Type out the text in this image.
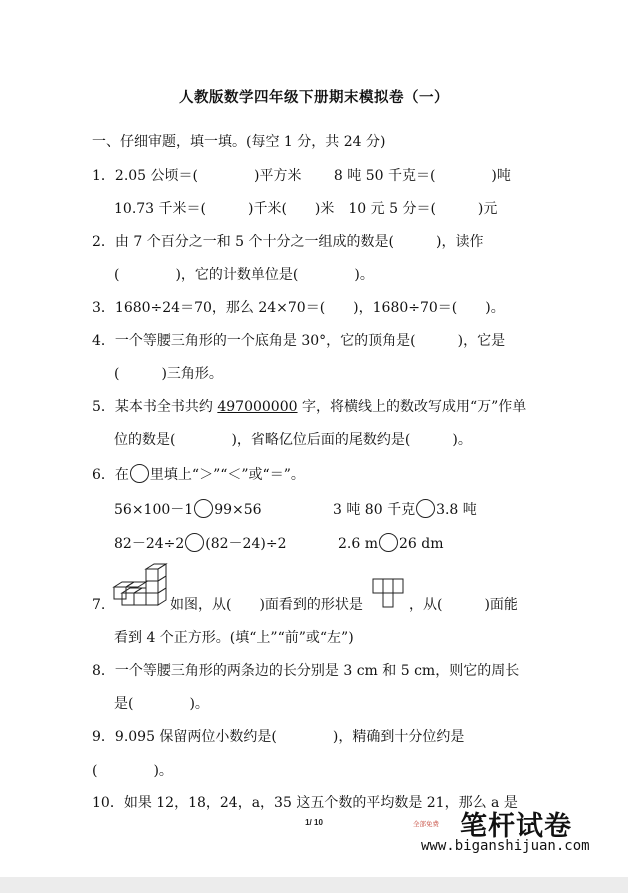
人教版数学四年级下册期末模拟卷（一）
一、仔细审题，填一填。(每空 1 分，共 24 分)
1．2.05 公顷＝(　　　　)平方米　　 8 吨 50 千克＝(　　　　)吨
10.73 千米＝(　　　)千米(　　)米　10 元 5 分＝(　　　)元
2．由 7 个百分之一和 5 个十分之一组成的数是(　　　)，读作
(　　　　)，它的计数单位是(　　　　)。
3．1680÷24＝70，那么 24×70＝(　　)，1680÷70＝(　　)。
4．一个等腰三角形的一个底角是 30°，它的顶角是(　　　)，它是
(　　　)三角形。
5．某本书全书共约 497000000 字，将横线上的数改写成用“万”作单
位的数是(　　　　)，省略亿位后面的尾数约是(　　　)。
6．在 里填上“＞”“＜”或“＝”。
56×100－1 99×56	3 吨 80 千克 3.8 吨
82－24÷2 (82－24)÷2	2.6 m 26 dm
7.	如图，从(　　)面看到的形状是	，从(　　　)面能
看到 4 个正方形。(填“上”“前”或“左”)
8．一个等腰三角形的两条边的长分别是 3 cm 和 5 cm，则它的周长
是(　　　　)。
9．9.095 保留两位小数约是(　　　　)，精确到十分位约是
(　　　　)。
10．如果 12，18，24，a，35 这五个数的平均数是 21，那么 a 是
1/ 10	笔杆试卷
全部免费
www.biganshijuan.com
